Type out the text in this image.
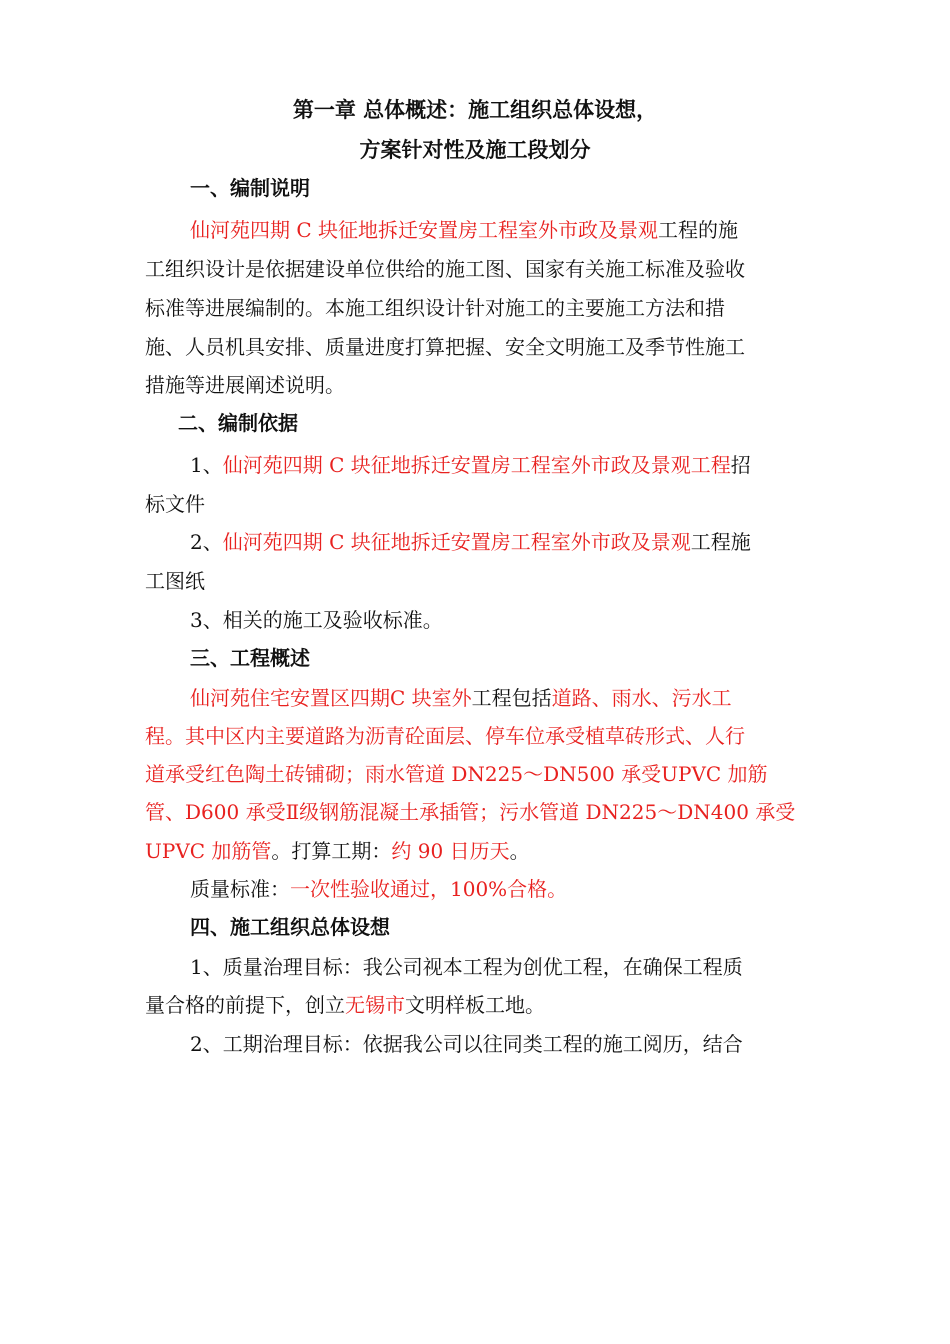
第一章 总体概述：施工组织总体设想，
方案针对性及施工段划分
一、编制说明
仙河苑四期 C 块征地拆迁安置房工程室外市政及景观工程的施
工组织设计是依据建设单位供给的施工图、国家有关施工标准及验收
标准等进展编制的。本施工组织设计针对施工的主要施工方法和措
施、人员机具安排、质量进度打算把握、安全文明施工及季节性施工
措施等进展阐述说明。
二、编制依据
1、仙河苑四期 C 块征地拆迁安置房工程室外市政及景观工程招
标文件
2、仙河苑四期 C 块征地拆迁安置房工程室外市政及景观工程施
工图纸
3、相关的施工及验收标准。
三、工程概述
仙河苑住宅安置区四期C 块室外工程包括道路、雨水、污水工
程。其中区内主要道路为沥青砼面层、停车位承受植草砖形式、人行
道承受红色陶土砖铺砌；雨水管道 DN225～DN500 承受UPVC 加筋
管、D600 承受Ⅱ级钢筋混凝土承插管；污水管道 DN225～DN400 承受
UPVC 加筋管。打算工期：约 90 日历天。
质量标准：一次性验收通过，100%合格。
四、施工组织总体设想
1、质量治理目标：我公司视本工程为创优工程，在确保工程质
量合格的前提下，创立无锡市文明样板工地。
2、工期治理目标：依据我公司以往同类工程的施工阅历，结合
